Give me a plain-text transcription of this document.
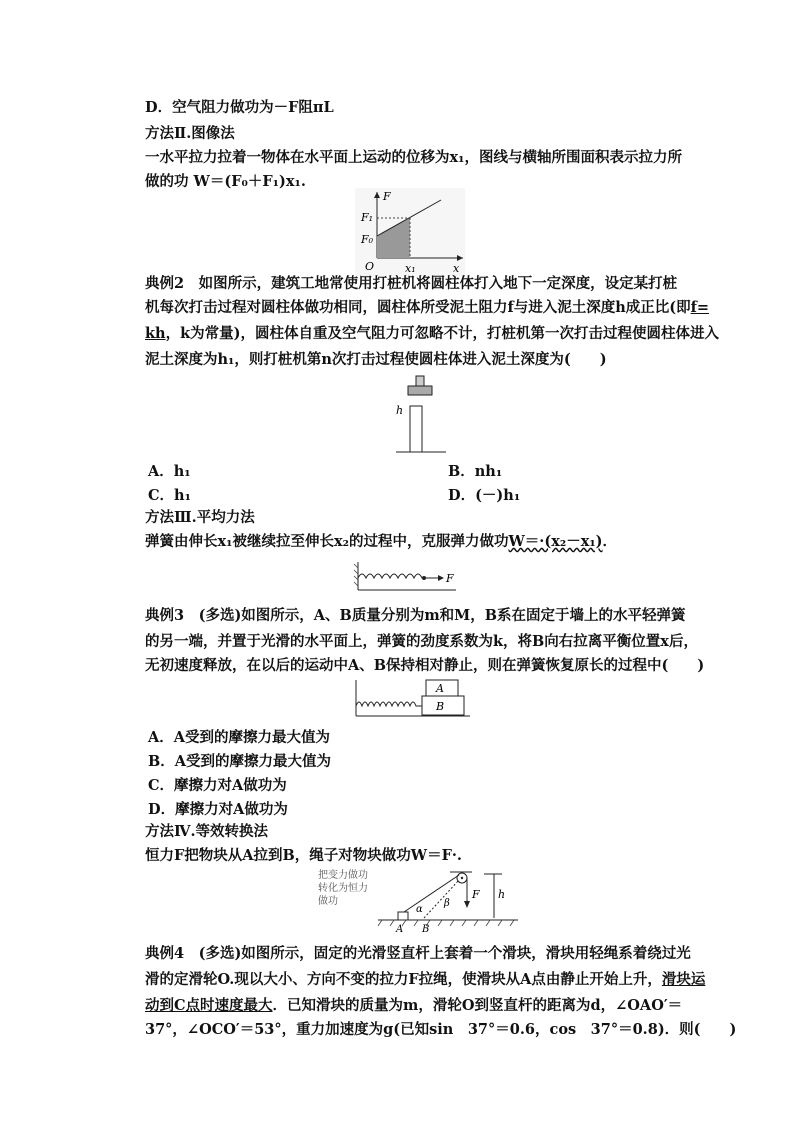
D．空气阻力做功为－F阻πL
方法Ⅱ.图像法
一水平拉力拉着一物体在水平面上运动的位移为x₁，图线与横轴所围面积表示拉力所
做的功 W＝(F₀＋F₁)x₁.
F
F₁
F₀
O	x₁	x
典例2　如图所示，建筑工地常使用打桩机将圆柱体打入地下一定深度，设定某打桩
机每次打击过程对圆柱体做功相同，圆柱体所受泥土阻力f与进入泥土深度h成正比(即f=
kh，k为常量)，圆柱体自重及空气阻力可忽略不计，打桩机第一次打击过程使圆柱体进入
泥土深度为h₁，则打桩机第n次打击过程使圆柱体进入泥土深度为(　　)
h
A．h₁	B．nh₁
C．h₁	D．(－)h₁
方法Ⅲ.平均力法
弹簧由伸长x₁被继续拉至伸长x₂的过程中，克服弹力做功W＝·(x₂－x₁)．
F
典例3　(多选)如图所示，A、B质量分别为m和M，B系在固定于墙上的水平轻弹簧
的另一端，并置于光滑的水平面上，弹簧的劲度系数为k，将B向右拉离平衡位置x后，
无初速度释放，在以后的运动中A、B保持相对静止，则在弹簧恢复原长的过程中(　　)
A
B
A．A受到的摩擦力最大值为
B．A受到的摩擦力最大值为
C．摩擦力对A做功为
D．摩擦力对A做功为
方法Ⅳ.等效转换法
恒力F把物块从A拉到B，绳子对物块做功W＝F·.
把变力做功
转化为恒力
做功
F h
α
β
A B
典例4　(多选)如图所示，固定的光滑竖直杆上套着一个滑块，滑块用轻绳系着绕过光
滑的定滑轮O.现以大小、方向不变的拉力F拉绳，使滑块从A点由静止开始上升，滑块运
动到C点时速度最大．已知滑块的质量为m，滑轮O到竖直杆的距离为d，∠OAO′＝
37°，∠OCO′＝53°，重力加速度为g(已知sin　37°＝0.6，cos　37°＝0.8)．则(　　)
